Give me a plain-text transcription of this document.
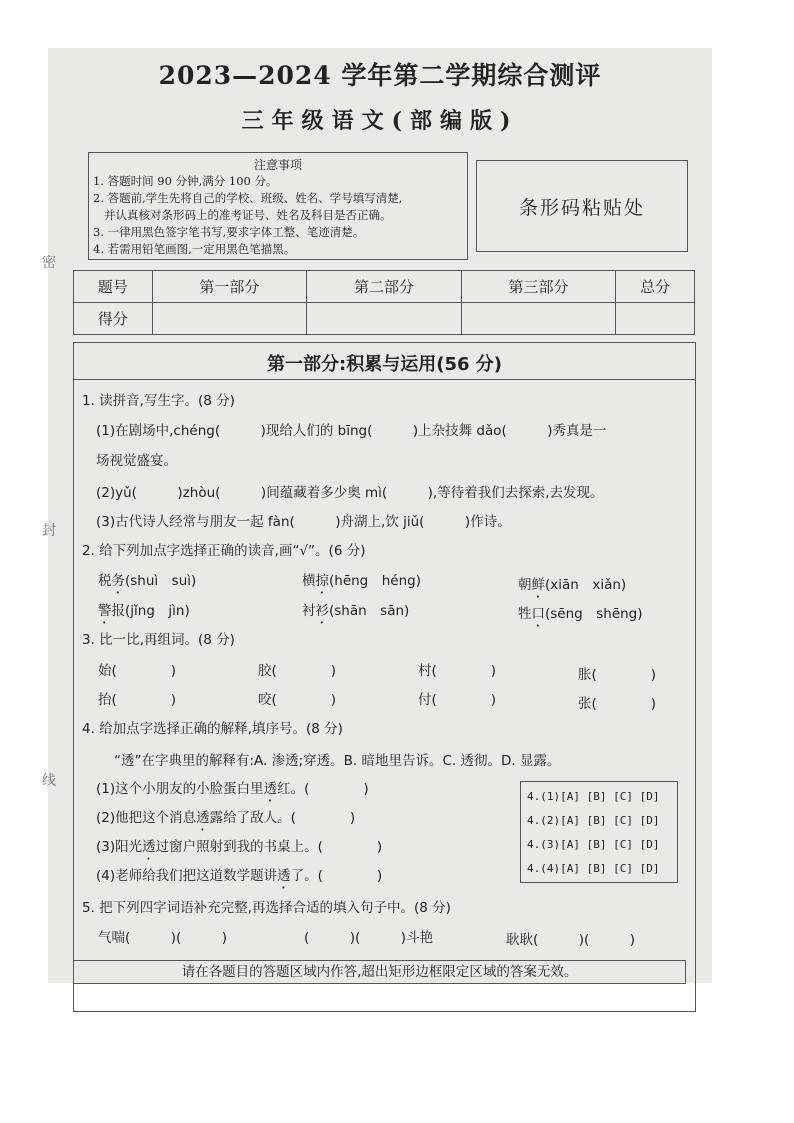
2023—2024 学年第二学期综合测评
三年级语文(部编版)
注意事项
1. 答题时间 90 分钟,满分 100 分。
2. 答题前,学生先将自己的学校、班级、姓名、学号填写清楚,
并认真核对条形码上的准考证号、姓名及科目是否正确。
3. 一律用黑色签字笔书写,要求字体工整、笔迹清楚。
4. 若需用铅笔画图,一定用黑色笔描黑。
条形码粘贴处
题号	第一部分	第二部分	第三部分	总分
得分				
第一部分:积累与运用(56 分)
1. 读拼音,写生字。(8 分)
(1)在剧场中,chéng(　　　)现给人们的 bīng(　　　)上杂技舞 dǎo(　　　)秀真是一
场视觉盛宴。
(2)yǔ(　　　)zhòu(　　　)间蕴藏着多少奥 mì(　　　),等待着我们去探索,去发现。
(3)古代诗人经常与朋友一起 fàn(　　　)舟湖上,饮 jiǔ(　　　)作诗。
2. 给下列加点字选择正确的读音,画“√”。(6 分)
税务(shuì　suì)	横掠(hēng　héng)	朝鲜(xiān　xiǎn)
警报(jǐng　jìn)	衬衫(shān　sān)	牲口(sēng　shēng)
3. 比一比,再组词。(8 分)
始(　　　　)	胶(　　　　)	村(　　　　)	胀(　　　　)
抬(　　　　)	咬(　　　　)	付(　　　　)	张(　　　　)
4. 给加点字选择正确的解释,填序号。(8 分)
“透”在字典里的解释有:A. 渗透;穿透。B. 暗地里告诉。C. 透彻。D. 显露。
(1)这个小朋友的小脸蛋白里透红。(　　　　)
(2)他把这个消息透露给了敌人。(　　　　)
(3)阳光透过窗户照射到我的书桌上。(　　　　)
(4)老师给我们把这道数学题讲透了。(　　　　)
4.(1)[A] [B] [C] [D]
4.(2)[A] [B] [C] [D]
4.(3)[A] [B] [C] [D]
4.(4)[A] [B] [C] [D]
5. 把下列四字词语补充完整,再选择合适的填入句子中。(8 分)
气喘(　　　)(　　　)	(　　　)(　　　)斗艳	耿耿(　　　)(　　　)
请在各题目的答题区域内作答,超出矩形边框限定区域的答案无效。
密
封
线
